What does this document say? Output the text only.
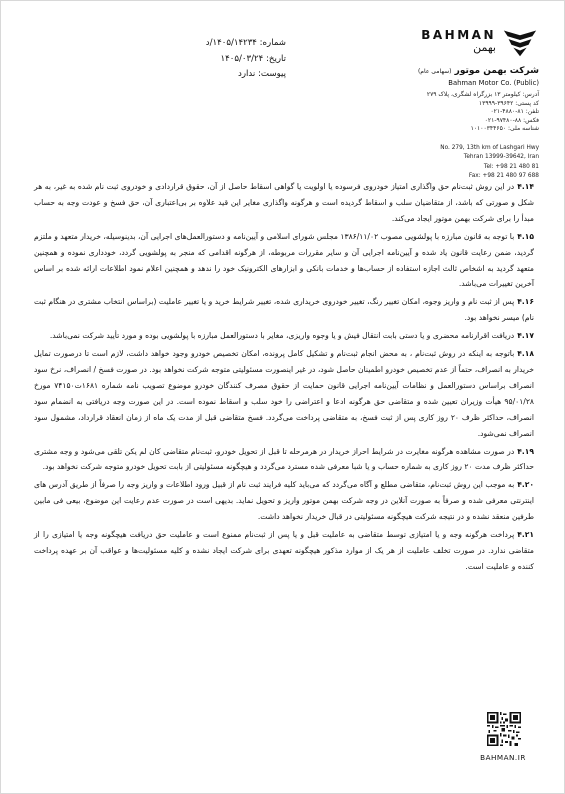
شماره: ۱۴۰۵/۱۴۲۳۴/د
تاریخ: ۱۴۰۵/۰۳/۲۴
پیوست: ندارد
BAHMAN
بهمن
شرکت بهمن موتور (سهامی عام)
Bahman Motor Co. (Public)
آدرس: کیلومتر ۱۳ بزرگراه لشگری، پلاک ۲۷۹
کد پستی: ۳۹۶۴۲-۱۳۹۹۹
تلفن: ۸۱-۴۸۸۰-۰۲۱
فکس: ۸۸-۹۷۴۸۰-۰۲۱
شناسه ملی: ۱۰۱۰۰۳۴۴۶۵۰
No. 279, 13th km of Lashgari Hwy
Tehran 13999-39642, Iran
Tel: +98 21 480 81
Fax: +98 21 480 97 688

۴.۱۴در این روش ثبت‌نام حق واگذاری امتیاز خودروی فرسوده یا اولویت یا گواهی اسقاط حاصل از آن، حقوق قراردادی و خودروی ثبت نام شده به غیر، به هر شکل و صورتی که باشد، از متقاضیان سلب و اسقاط گردیده است و هرگونه واگذاری مغایر این قید علاوه بر بی‌اعتباری آن، حق فسخ و عودت وجه به حساب مبدأ را برای شرکت بهمن موتور ایجاد می‌کند.

۴.۱۵با توجه به قانون مبارزه با پولشویی مصوب ۱۳۸۶/۱۱/۰۲ مجلس شورای اسلامی و آیین‌نامه و دستورالعمل‌های اجرایی آن، بدینوسیله، خریدار متعهد و ملتزم گردید، ضمن رعایت قانون یاد شده و آیین‌نامه اجرایی آن و سایر مقررات مربوطه، از هرگونه اقدامی که منجر به پولشویی گردد، خودداری نموده و همچنین متعهد گردید به اشخاص ثالث اجازه استفاده از حساب‌ها و خدمات بانکی و ابزارهای الکترونیک خود را ندهد و همچنین اعلام نمود اطلاعات ارائه شده بر اساس آخرین تغییرات می‌باشد.

۴.۱۶پس از ثبت نام و واریز وجوه، امکان تغییر رنگ، تغییر خودروی خریداری شده، تغییر شرایط خرید و یا تغییر عاملیت (براساس انتخاب مشتری در هنگام ثبت نام) میسر نخواهد بود.

۴.۱۷دریافت اقرارنامه محضری و یا دستی بابت انتقال فیش و یا وجوه واریزی، مغایر با دستورالعمل مبارزه با پولشویی بوده و مورد تأیید شرکت نمی‌باشد.

۴.۱۸باتوجه به اینکه در روش ثبت‌نام ، به محض انجام ثبت‌نام و تشکیل کامل پرونده، امکان تخصیص خودرو وجود خواهد داشت، لازم است تا درصورت تمایل خریدار به انصراف، حتماً از عدم تخصیص خودرو اطمینان حاصل شود، در غیر اینصورت مسئولیتی متوجه شرکت نخواهد بود. در صورت فسخ / انصراف، نرخ سود انصراف براساس دستورالعمل و نظامات آیین‌نامه اجرایی قانون حمایت از حقوق مصرف کنندگان خودرو موضوع تصویب نامه شماره ۱۶۸۱ت۷۴۱۵۰ مورخ ۹۵/۰۱/۲۸ هیأت وزیران تعیین شده و متقاضی حق هرگونه ادعا و اعتراضی را خود سلب و اسقاط نموده است. در این صورت وجه دریافتی به انضمام سود انصراف، حداکثر ظرف ۲۰ روز کاری پس از ثبت فسخ، به متقاضی پرداخت می‌گردد. فسخ متقاضی قبل از مدت یک ماه از زمان انعقاد قرارداد، مشمول سود انصراف نمی‌شود.

۴.۱۹در صورت مشاهده هرگونه مغایرت در شرایط احراز خریدار در هرمرحله تا قبل از تحویل خودرو، ثبت‌نام متقاضی کان لم یکن تلقی می‌شود و وجه مشتری حداکثر ظرف مدت ۲۰ روز کاری به شماره حساب و یا شبا معرفی شده مسترد می‌گردد و هیچگونه مسئولیتی از بابت تحویل خودرو متوجه شرکت نخواهد بود.

۴.۲۰به موجب این روش ثبت‌نام، متقاضی مطلع و آگاه می‌گردد که می‌باید کلیه فرایند ثبت نام از قبیل ورود اطلاعات و واریز وجه را صرفاً از طریق آدرس های اینترنتی معرفی شده و صرفاً به صورت آنلاین در وجه شرکت بهمن موتور واریز و تحویل نماید. بدیهی است در صورت عدم رعایت این موضوع، بیعی فی مابین طرفین منعقد نشده و در نتیجه شرکت هیچگونه مسئولیتی در قبال خریدار نخواهد داشت.

۴.۲۱پرداخت هرگونه وجه و یا امتیازی توسط متقاضی به عاملیت قبل و یا پس از ثبت‌نام ممنوع است و عاملیت حق دریافت هیچگونه وجه یا امتیازی را از متقاضی ندارد. در صورت تخلف عاملیت از هر یک از موارد مذکور هیچگونه تعهدی برای شرکت ایجاد نشده و کلیه مسئولیت‌ها و عواقب آن بر عهده پرداخت کننده و عاملیت است.

BAHMAN.IR
